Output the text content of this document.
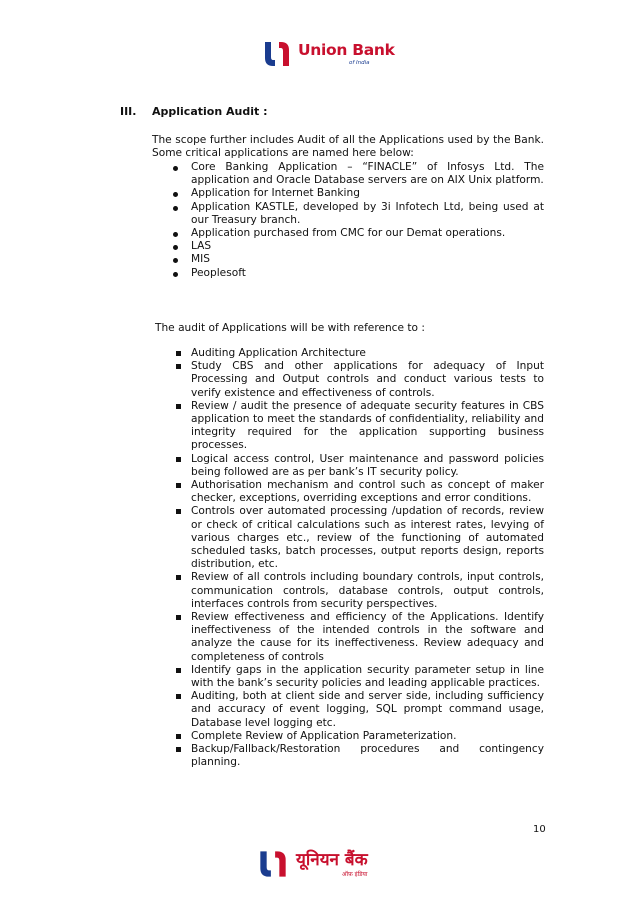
Union Bank
of India
III. Application Audit :
The scope further includes Audit of all the Applications used by the Bank. Some critical applications are named here below:
Core Banking Application – “FINACLE” of Infosys Ltd. The application and Oracle Database servers are on AIX Unix platform.
Application for Internet Banking
Application KASTLE, developed by 3i Infotech Ltd, being used at our Treasury branch.
Application purchased from CMC for our Demat operations.
LAS
MIS
Peoplesoft
The audit of Applications will be with reference to :
Auditing Application Architecture
Study CBS and other applications for adequacy of Input Processing and Output controls and conduct various tests to verify existence and effectiveness of controls.
Review / audit the presence of adequate security features in CBS application to meet the standards of confidentiality, reliability and integrity required for the application supporting business processes.
Logical access control, User maintenance and password policies being followed are as per bank’s IT security policy.
Authorisation mechanism and control such as concept of maker checker, exceptions, overriding exceptions and error conditions.
Controls over automated processing /updation of records, review or check of critical calculations such as interest rates, levying of various charges etc., review of the functioning of automated scheduled tasks, batch processes, output reports design, reports distribution, etc.
Review of all controls including boundary controls, input controls, communication controls, database controls, output controls, interfaces controls from security perspectives.
Review effectiveness and efficiency of the Applications. Identify ineffectiveness of the intended controls in the software and analyze the cause for its ineffectiveness. Review adequacy and completeness of controls
Identify gaps in the application security parameter setup in line with the bank’s security policies and leading applicable practices.
Auditing, both at client side and server side, including sufficiency and accuracy of event logging, SQL prompt command usage, Database level logging etc.
Complete Review of Application Parameterization.
Backup/Fallback/Restoration procedures and contingency planning.
10
यूनियन बैंक
ऑफ़ इंडिया
